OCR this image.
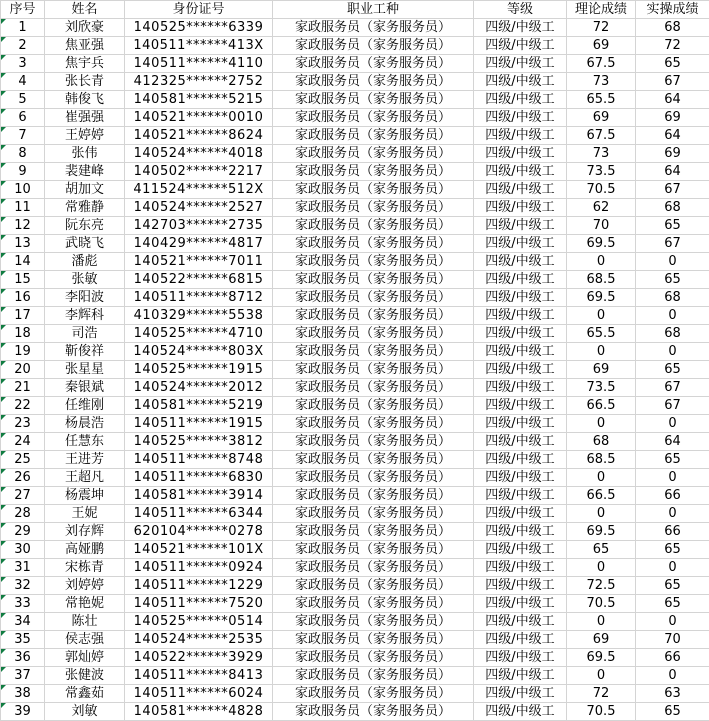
序号	姓名	身份证号	职业工种	等级	理论成绩	实操成绩

1	刘欣豪	140525******6339	家政服务员（家务服务员）	四级/中级工	72	68

2	焦亚强	140511******413X	家政服务员（家务服务员）	四级/中级工	69	72

3	焦宇兵	140511******4110	家政服务员（家务服务员）	四级/中级工	67.5	65

4	张长青	412325******2752	家政服务员（家务服务员）	四级/中级工	73	67

5	韩俊飞	140581******5215	家政服务员（家务服务员）	四级/中级工	65.5	64

6	崔强强	140521******0010	家政服务员（家务服务员）	四级/中级工	69	69

7	王婷婷	140521******8624	家政服务员（家务服务员）	四级/中级工	67.5	64

8	张伟	140524******4018	家政服务员（家务服务员）	四级/中级工	73	69

9	裴建峰	140502******2217	家政服务员（家务服务员）	四级/中级工	73.5	64

10	胡加文	411524******512X	家政服务员（家务服务员）	四级/中级工	70.5	67

11	常雅静	140524******2527	家政服务员（家务服务员）	四级/中级工	62	68

12	阮东亮	142703******2735	家政服务员（家务服务员）	四级/中级工	70	65

13	武晓飞	140429******4817	家政服务员（家务服务员）	四级/中级工	69.5	67

14	潘彪	140521******7011	家政服务员（家务服务员）	四级/中级工	0	0

15	张敏	140522******6815	家政服务员（家务服务员）	四级/中级工	68.5	65

16	李阳波	140511******8712	家政服务员（家务服务员）	四级/中级工	69.5	68

17	李辉科	410329******5538	家政服务员（家务服务员）	四级/中级工	0	0

18	司浩	140525******4710	家政服务员（家务服务员）	四级/中级工	65.5	68

19	靳俊祥	140524******803X	家政服务员（家务服务员）	四级/中级工	0	0

20	张星星	140525******1915	家政服务员（家务服务员）	四级/中级工	69	65

21	秦银斌	140524******2012	家政服务员（家务服务员）	四级/中级工	73.5	67

22	任维刚	140581******5219	家政服务员（家务服务员）	四级/中级工	66.5	67

23	杨晨浩	140511******1915	家政服务员（家务服务员）	四级/中级工	0	0

24	任慧东	140525******3812	家政服务员（家务服务员）	四级/中级工	68	64

25	王进芳	140511******8748	家政服务员（家务服务员）	四级/中级工	68.5	65

26	王超凡	140511******6830	家政服务员（家务服务员）	四级/中级工	0	0

27	杨震坤	140581******3914	家政服务员（家务服务员）	四级/中级工	66.5	66

28	王妮	140511******6344	家政服务员（家务服务员）	四级/中级工	0	0

29	刘存辉	620104******0278	家政服务员（家务服务员）	四级/中级工	69.5	66

30	高娅鹏	140521******101X	家政服务员（家务服务员）	四级/中级工	65	65

31	宋栋青	140511******0924	家政服务员（家务服务员）	四级/中级工	0	0

32	刘婷婷	140511******1229	家政服务员（家务服务员）	四级/中级工	72.5	65

33	常艳妮	140511******7520	家政服务员（家务服务员）	四级/中级工	70.5	65

34	陈壮	140525******0514	家政服务员（家务服务员）	四级/中级工	0	0

35	侯志强	140524******2535	家政服务员（家务服务员）	四级/中级工	69	70

36	郭灿婷	140522******3929	家政服务员（家务服务员）	四级/中级工	69.5	66

37	张健波	140511******8413	家政服务员（家务服务员）	四级/中级工	0	0

38	常鑫茹	140511******6024	家政服务员（家务服务员）	四级/中级工	72	63

39	刘敏	140581******4828	家政服务员（家务服务员）	四级/中级工	70.5	65
